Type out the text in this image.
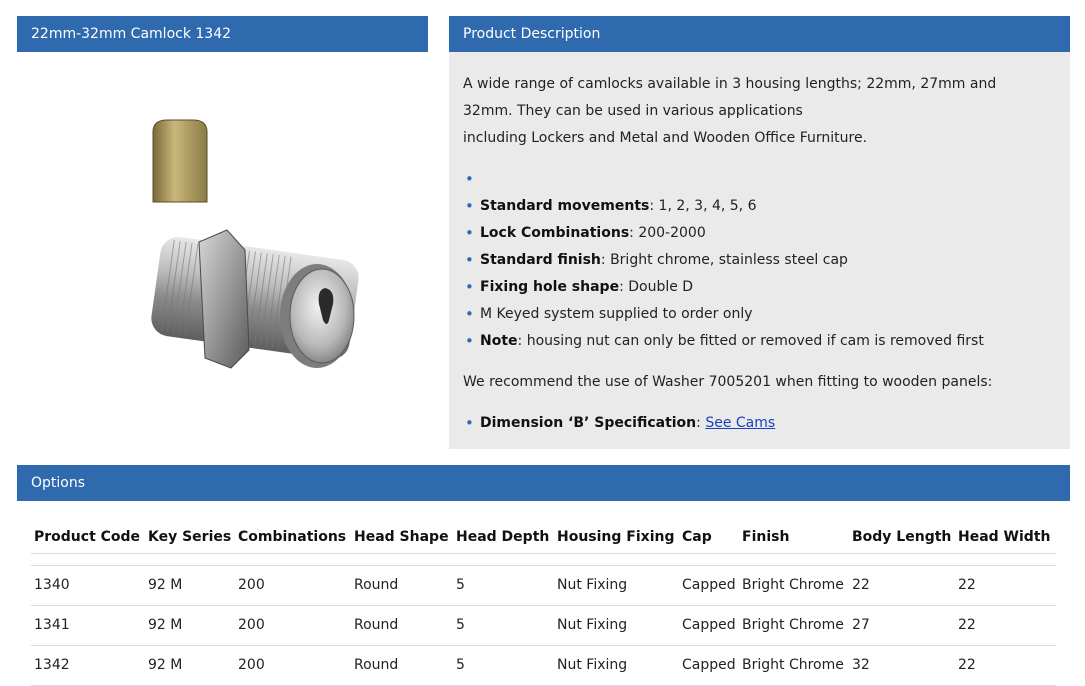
22mm-32mm Camlock 1342	Product Description

A wide range of camlocks available in 3 housing lengths; 22mm, 27mm and

32mm. They can be used in various applications

including Lockers and Metal and Wooden Office Furniture.

•
• Standard movements: 1, 2, 3, 4, 5, 6
• Lock Combinations: 200-2000
• Standard finish: Bright chrome, stainless steel cap
• Fixing hole shape: Double D
• M Keyed system supplied to order only
• Note: housing nut can only be fitted or removed if cam is removed first

We recommend the use of Washer 7005201 when fitting to wooden panels:

• Dimension ‘B’ Specification: See Cams
Options
Product Code	Key Series	Combinations	Head Shape	Head Depth	Housing Fixing	Cap	Finish	Body Length	Head Width

1340	92 M	200	Round	5	Nut Fixing	Capped	Bright Chrome	22	22
1341	92 M	200	Round	5	Nut Fixing	Capped	Bright Chrome	27	22
1342	92 M	200	Round	5	Nut Fixing	Capped	Bright Chrome	32	22
